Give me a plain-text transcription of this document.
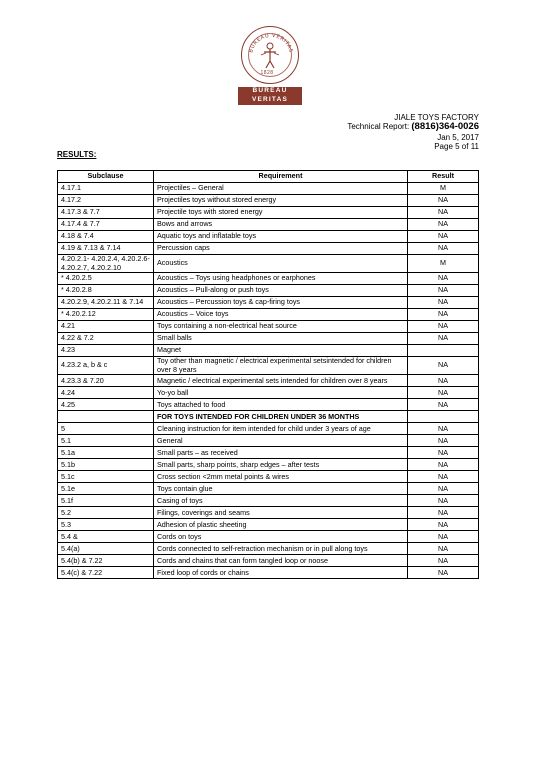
BUREAU VERITAS
1828
BUREAU
VERITAS
JIALE TOYS FACTORY
Technical Report: (8816)364-0026
Jan 5, 2017
Page 5 of 11
RESULTS:
Subclause	Requirement	Result
4.17.1	Projectiles – General	M
4.17.2	Projectiles toys without stored energy	NA
4.17.3 & 7.7	Projectile toys with stored energy	NA
4.17.4 & 7.7	Bows and arrows	NA
4.18 & 7.4	Aquatic toys and inflatable toys	NA
4.19 & 7.13 & 7.14	Percussion caps	NA
4.20.2.1- 4.20.2.4, 4.20.2.6-4.20.2.7, 4.20.2.10	Acoustics	M
* 4.20.2.5	Acoustics – Toys using headphones or earphones	NA
* 4.20.2.8	Acoustics – Pull-along or push toys	NA
4.20.2.9, 4.20.2.11 & 7.14	Acoustics – Percussion toys & cap-firing toys	NA
* 4.20.2.12	Acoustics – Voice toys	NA
4.21	Toys containing a non-electrical heat source	NA
4.22 & 7.2	Small balls	NA
4.23	Magnet	
4.23.2 a, b & c	Toy other than magnetic / electrical experimental setsintended for children over 8 years	NA
4.23.3 & 7.20	Magnetic / electrical experimental sets intended for children over 8 years	NA
4.24	Yo-yo ball	NA
4.25	Toys attached to food	NA
	FOR TOYS INTENDED FOR CHILDREN UNDER 36 MONTHS	
5	Cleaning instruction for item intended for child under 3 years of age	NA
5.1	General	NA
5.1a	Small parts – as received	NA
5.1b	Small parts, sharp points, sharp edges – after tests	NA
5.1c	Cross section <2mm metal points & wires	NA
5.1e	Toys contain glue	NA
5.1f	Casing of toys	NA
5.2	Filings, coverings and seams	NA
5.3	Adhesion of plastic sheeting	NA
5.4 &	Cords on toys	NA
5.4(a)	Cords connected to self-retraction mechanism or in pull along toys	NA
5.4(b) & 7.22	Cords and chains that can form tangled loop or noose	NA
5.4(c) & 7.22	Fixed loop of cords or chains	NA
